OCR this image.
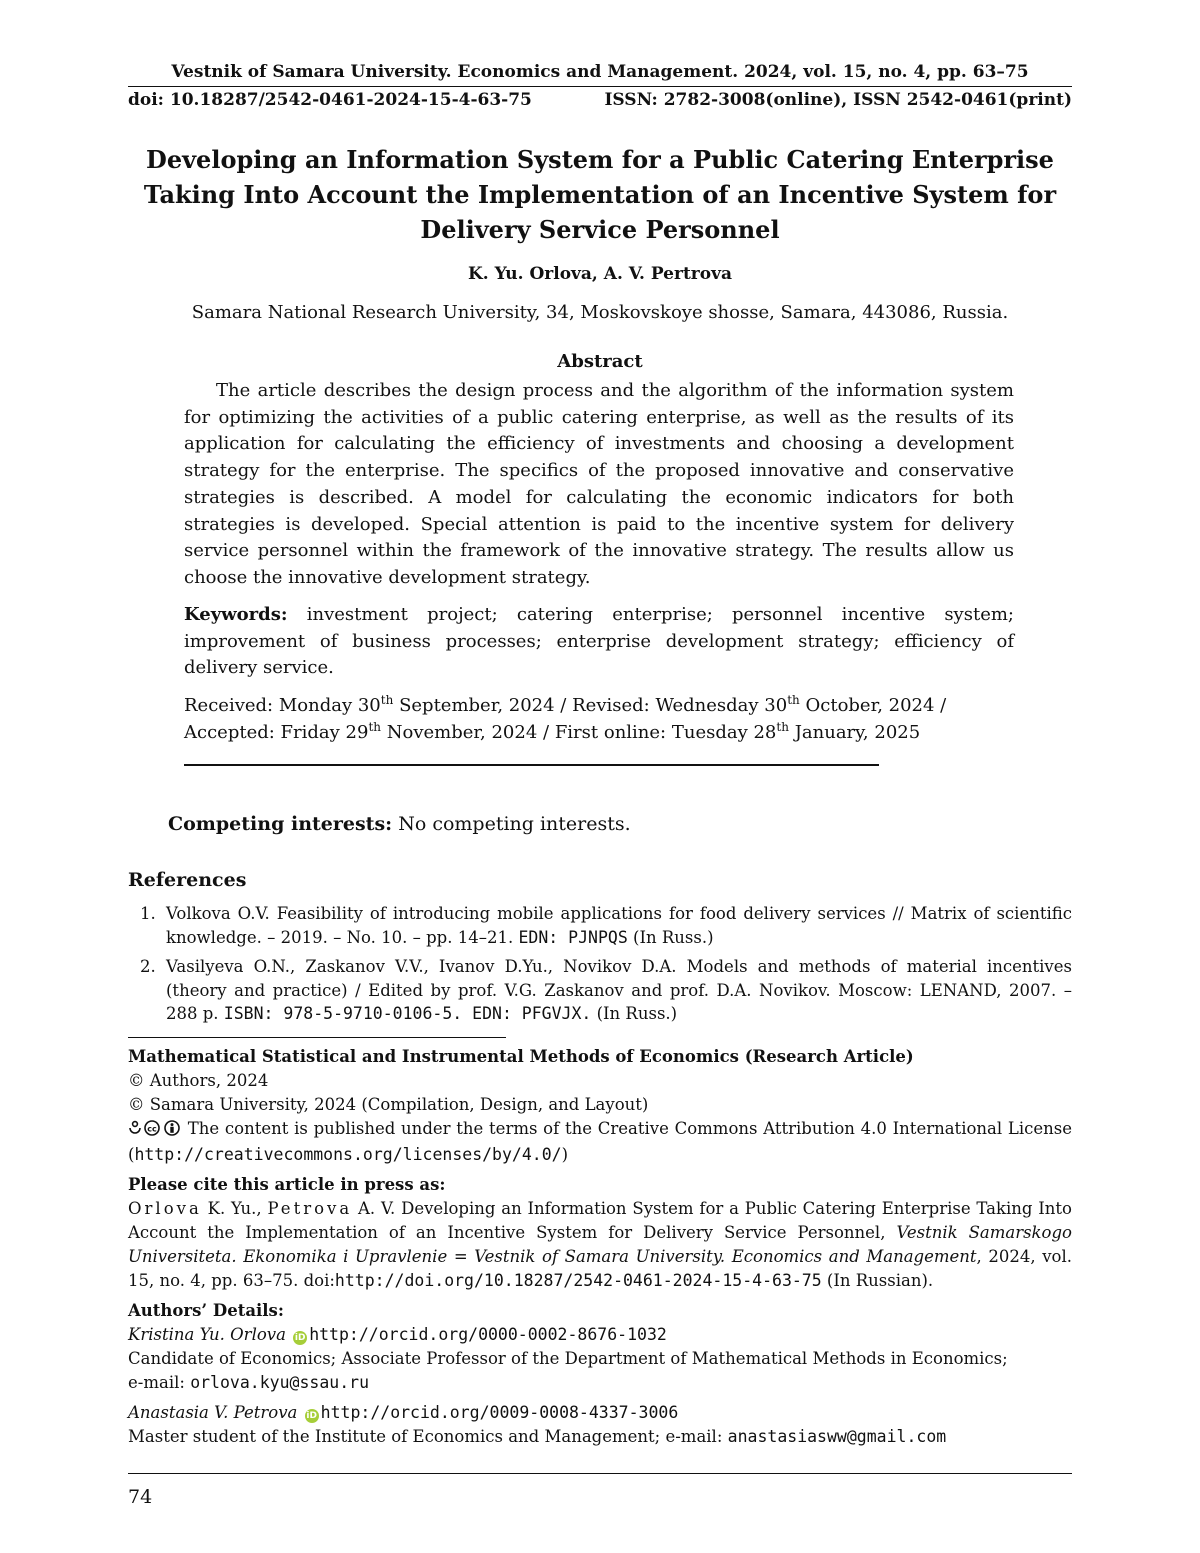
Vestnik of Samara University. Economics and Management. 2024, vol. 15, no. 4, pp. 63–75
doi: 10.18287/2542-0461-2024-15-4-63-75	ISSN: 2782-3008(online), ISSN 2542-0461(print)
Developing an Information System for a Public Catering Enterprise Taking Into Account the Implementation of an Incentive System for Delivery Service Personnel
K. Yu. Orlova, A. V. Pertrova
Samara National Research University, 34, Moskovskoye shosse, Samara, 443086, Russia.
Abstract
The article describes the design process and the algorithm of the information system for optimizing the activities of a public catering enterprise, as well as the results of its application for calculating the efficiency of investments and choosing a development strategy for the enterprise. The specifics of the proposed innovative and conservative strategies is described. A model for calculating the economic indicators for both strategies is developed. Special attention is paid to the incentive system for delivery service personnel within the framework of the innovative strategy. The results allow us choose the innovative development strategy.
Keywords: investment project; catering enterprise; personnel incentive system; improvement of business processes; enterprise development strategy; efficiency of delivery service.
Received: Monday 30th September, 2024 / Revised: Wednesday 30th October, 2024 /
Accepted: Friday 29th November, 2024 / First online: Tuesday 28th January, 2025
Competing interests: No competing interests.
References
1. Volkova O.V. Feasibility of introducing mobile applications for food delivery services // Matrix of scientific knowledge. – 2019. – No. 10. – pp. 14–21. EDN: PJNPQS (In Russ.)
2. Vasilyeva O.N., Zaskanov V.V., Ivanov D.Yu., Novikov D.A. Models and methods of material incentives (theory and practice) / Edited by prof. V.G. Zaskanov and prof. D.A. Novikov. Moscow: LENAND, 2007. – 288 p. ISBN: 978-5-9710-0106-5. EDN: PFGVJX. (In Russ.)

Mathematical Statistical and Instrumental Methods of Economics (Research Article)

© Authors, 2024

© Samara University, 2024 (Compilation, Design, and Layout)

cc The content is published under the terms of the Creative Commons Attribution 4.0 International License (http://creativecommons.org/licenses/by/4.0/)

Please cite this article in press as:

Orlova K. Yu., Petrova A. V. Developing an Information System for a Public Catering Enterprise Taking Into Account the Implementation of an Incentive System for Delivery Service Personnel, Vestnik Samarskogo Universiteta. Ekonomika i Upravlenie = Vestnik of Samara University. Economics and Management, 2024, vol. 15, no. 4, pp. 63–75. doi:http://doi.org/10.18287/2542-0461-2024-15-4-63-75 (In Russian).

Authors’ Details:

Kristina Yu. Orlova iD http://orcid.org/0000-0002-8676-1032

Candidate of Economics; Associate Professor of the Department of Mathematical Methods in Economics;

e-mail: orlova.kyu@ssau.ru

Anastasia V. Petrova iD http://orcid.org/0009-0008-4337-3006

Master student of the Institute of Economics and Management; e-mail: anastasiasww@gmail.com

74
